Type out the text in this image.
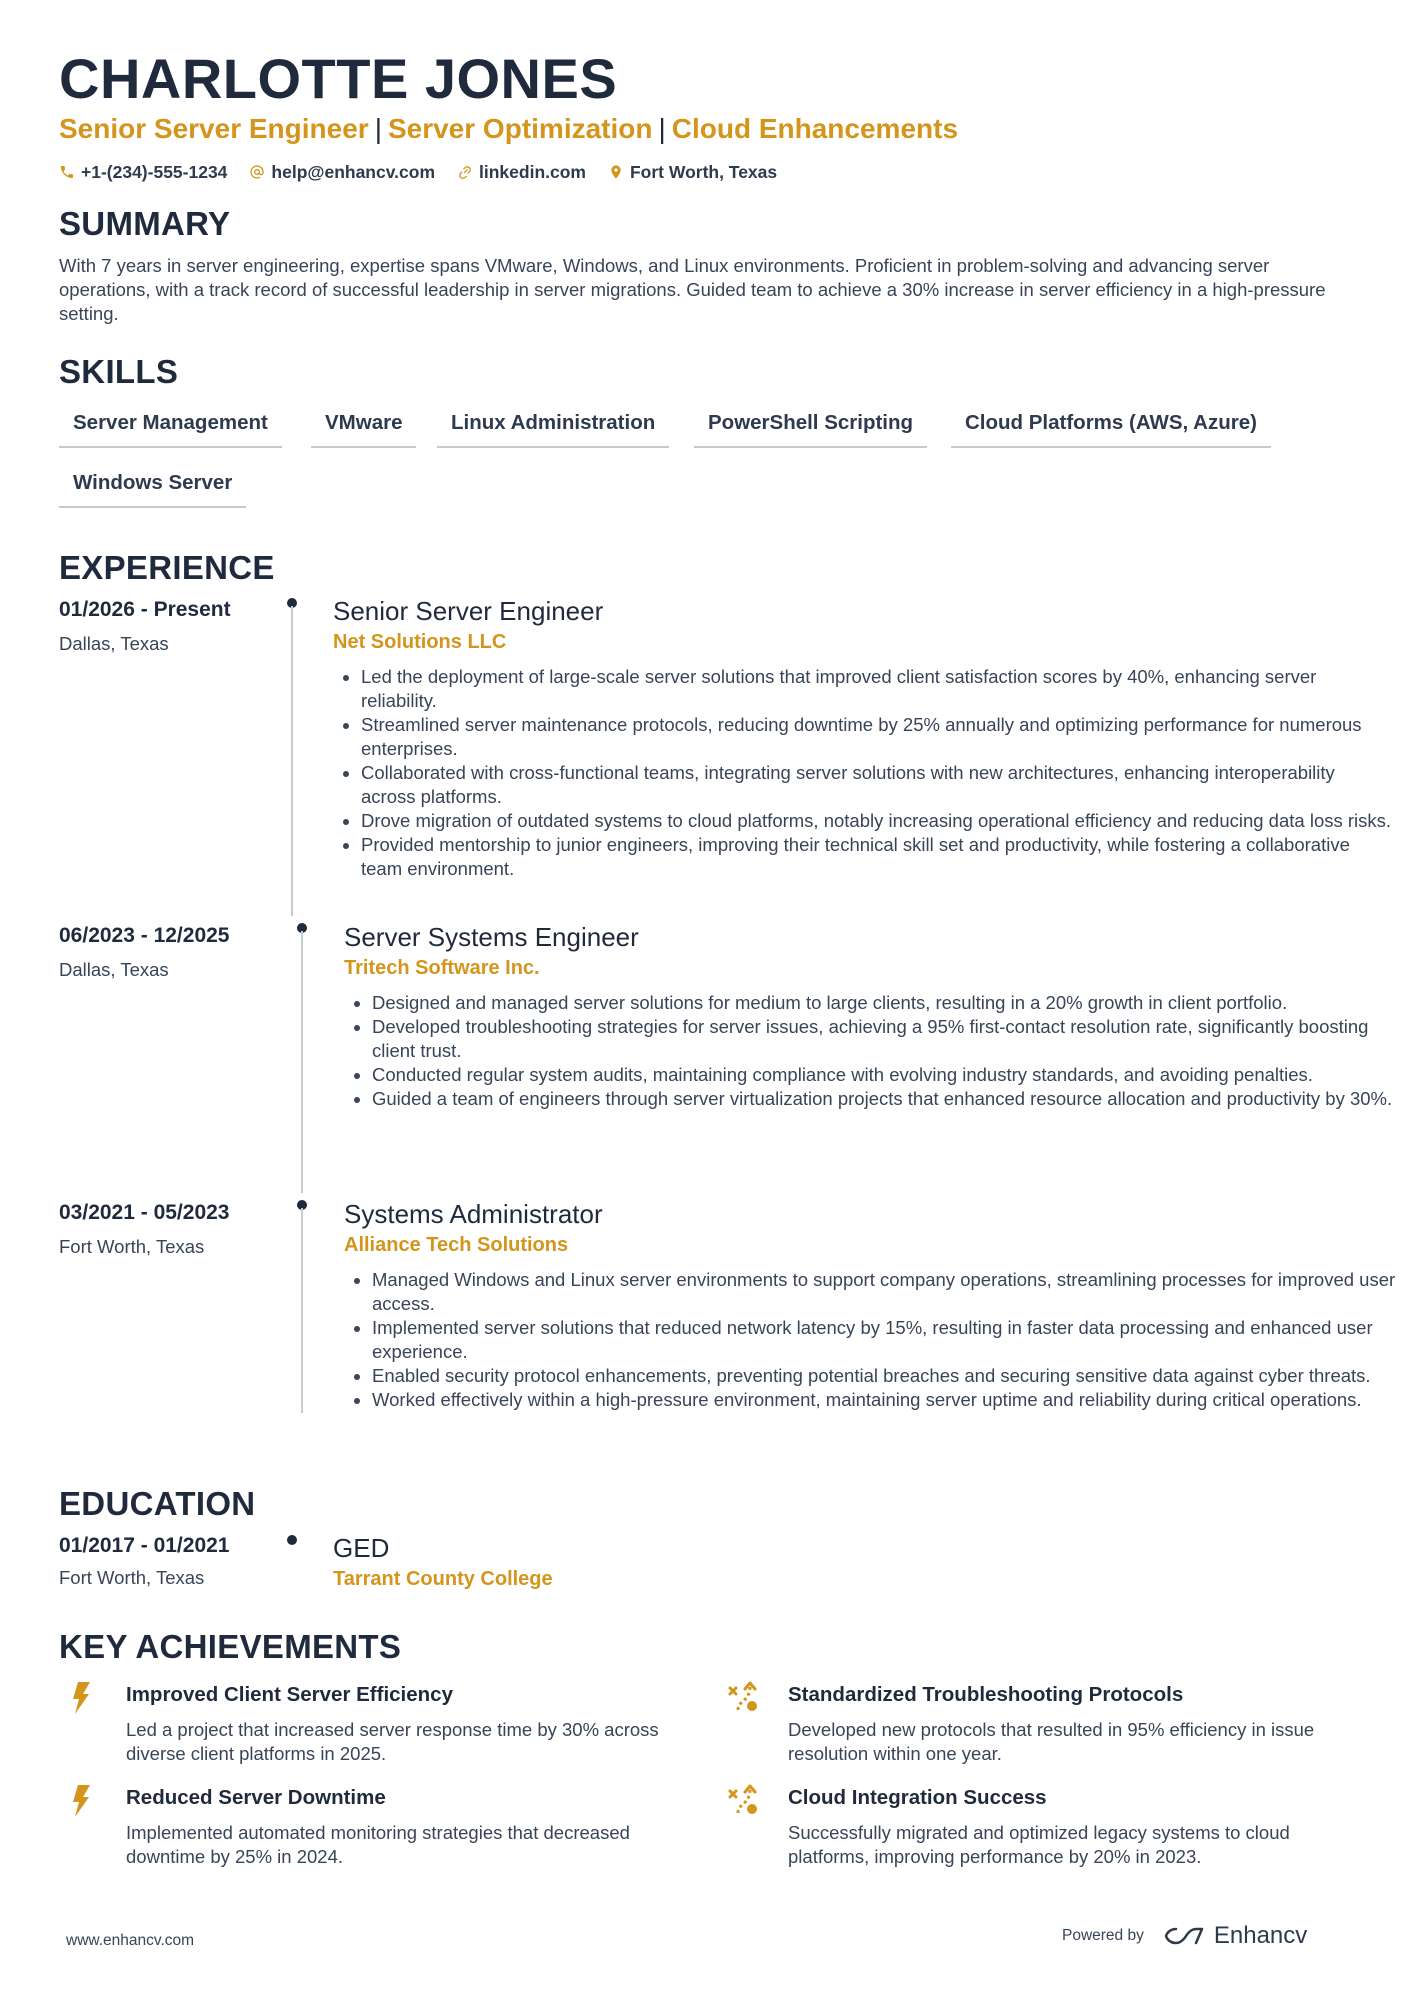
CHARLOTTE JONES
Senior Server Engineer | Server Optimization | Cloud Enhancements
+1-(234)-555-1234	help@enhancv.com	linkedin.com	Fort Worth, Texas
SUMMARY
With 7 years in server engineering, expertise spans VMware, Windows, and Linux environments. Proficient in problem-solving and advancing server operations, with a track record of successful leadership in server migrations. Guided team to achieve a 30% increase in server efficiency in a high-pressure setting.
SKILLS
Server Management	VMware	Linux Administration	PowerShell Scripting	Cloud Platforms (AWS, Azure)
Windows Server
EXPERIENCE
01/2026 - Present
Dallas, Texas
Senior Server Engineer
Net Solutions LLC
• Led the deployment of large-scale server solutions that improved client satisfaction scores by 40%, enhancing server reliability.
• Streamlined server maintenance protocols, reducing downtime by 25% annually and optimizing performance for numerous enterprises.
• Collaborated with cross-functional teams, integrating server solutions with new architectures, enhancing interoperability across platforms.
• Drove migration of outdated systems to cloud platforms, notably increasing operational efficiency and reducing data loss risks.
• Provided mentorship to junior engineers, improving their technical skill set and productivity, while fostering a collaborative team environment.
06/2023 - 12/2025
Dallas, Texas
Server Systems Engineer
Tritech Software Inc.
• Designed and managed server solutions for medium to large clients, resulting in a 20% growth in client portfolio.
• Developed troubleshooting strategies for server issues, achieving a 95% first-contact resolution rate, significantly boosting client trust.
• Conducted regular system audits, maintaining compliance with evolving industry standards, and avoiding penalties.
• Guided a team of engineers through server virtualization projects that enhanced resource allocation and productivity by 30%.
03/2021 - 05/2023
Fort Worth, Texas
Systems Administrator
Alliance Tech Solutions
• Managed Windows and Linux server environments to support company operations, streamlining processes for improved user access.
• Implemented server solutions that reduced network latency by 15%, resulting in faster data processing and enhanced user experience.
• Enabled security protocol enhancements, preventing potential breaches and securing sensitive data against cyber threats.
• Worked effectively within a high-pressure environment, maintaining server uptime and reliability during critical operations.
EDUCATION
01/2017 - 01/2021
Fort Worth, Texas
GED
Tarrant County College
KEY ACHIEVEMENTS
Improved Client Server Efficiency
Led a project that increased server response time by 30% across diverse client platforms in 2025.
Standardized Troubleshooting Protocols
Developed new protocols that resulted in 95% efficiency in issue resolution within one year.
Reduced Server Downtime
Implemented automated monitoring strategies that decreased downtime by 25% in 2024.
Cloud Integration Success
Successfully migrated and optimized legacy systems to cloud platforms, improving performance by 20% in 2023.
www.enhancv.com	Powered by	Enhancv
